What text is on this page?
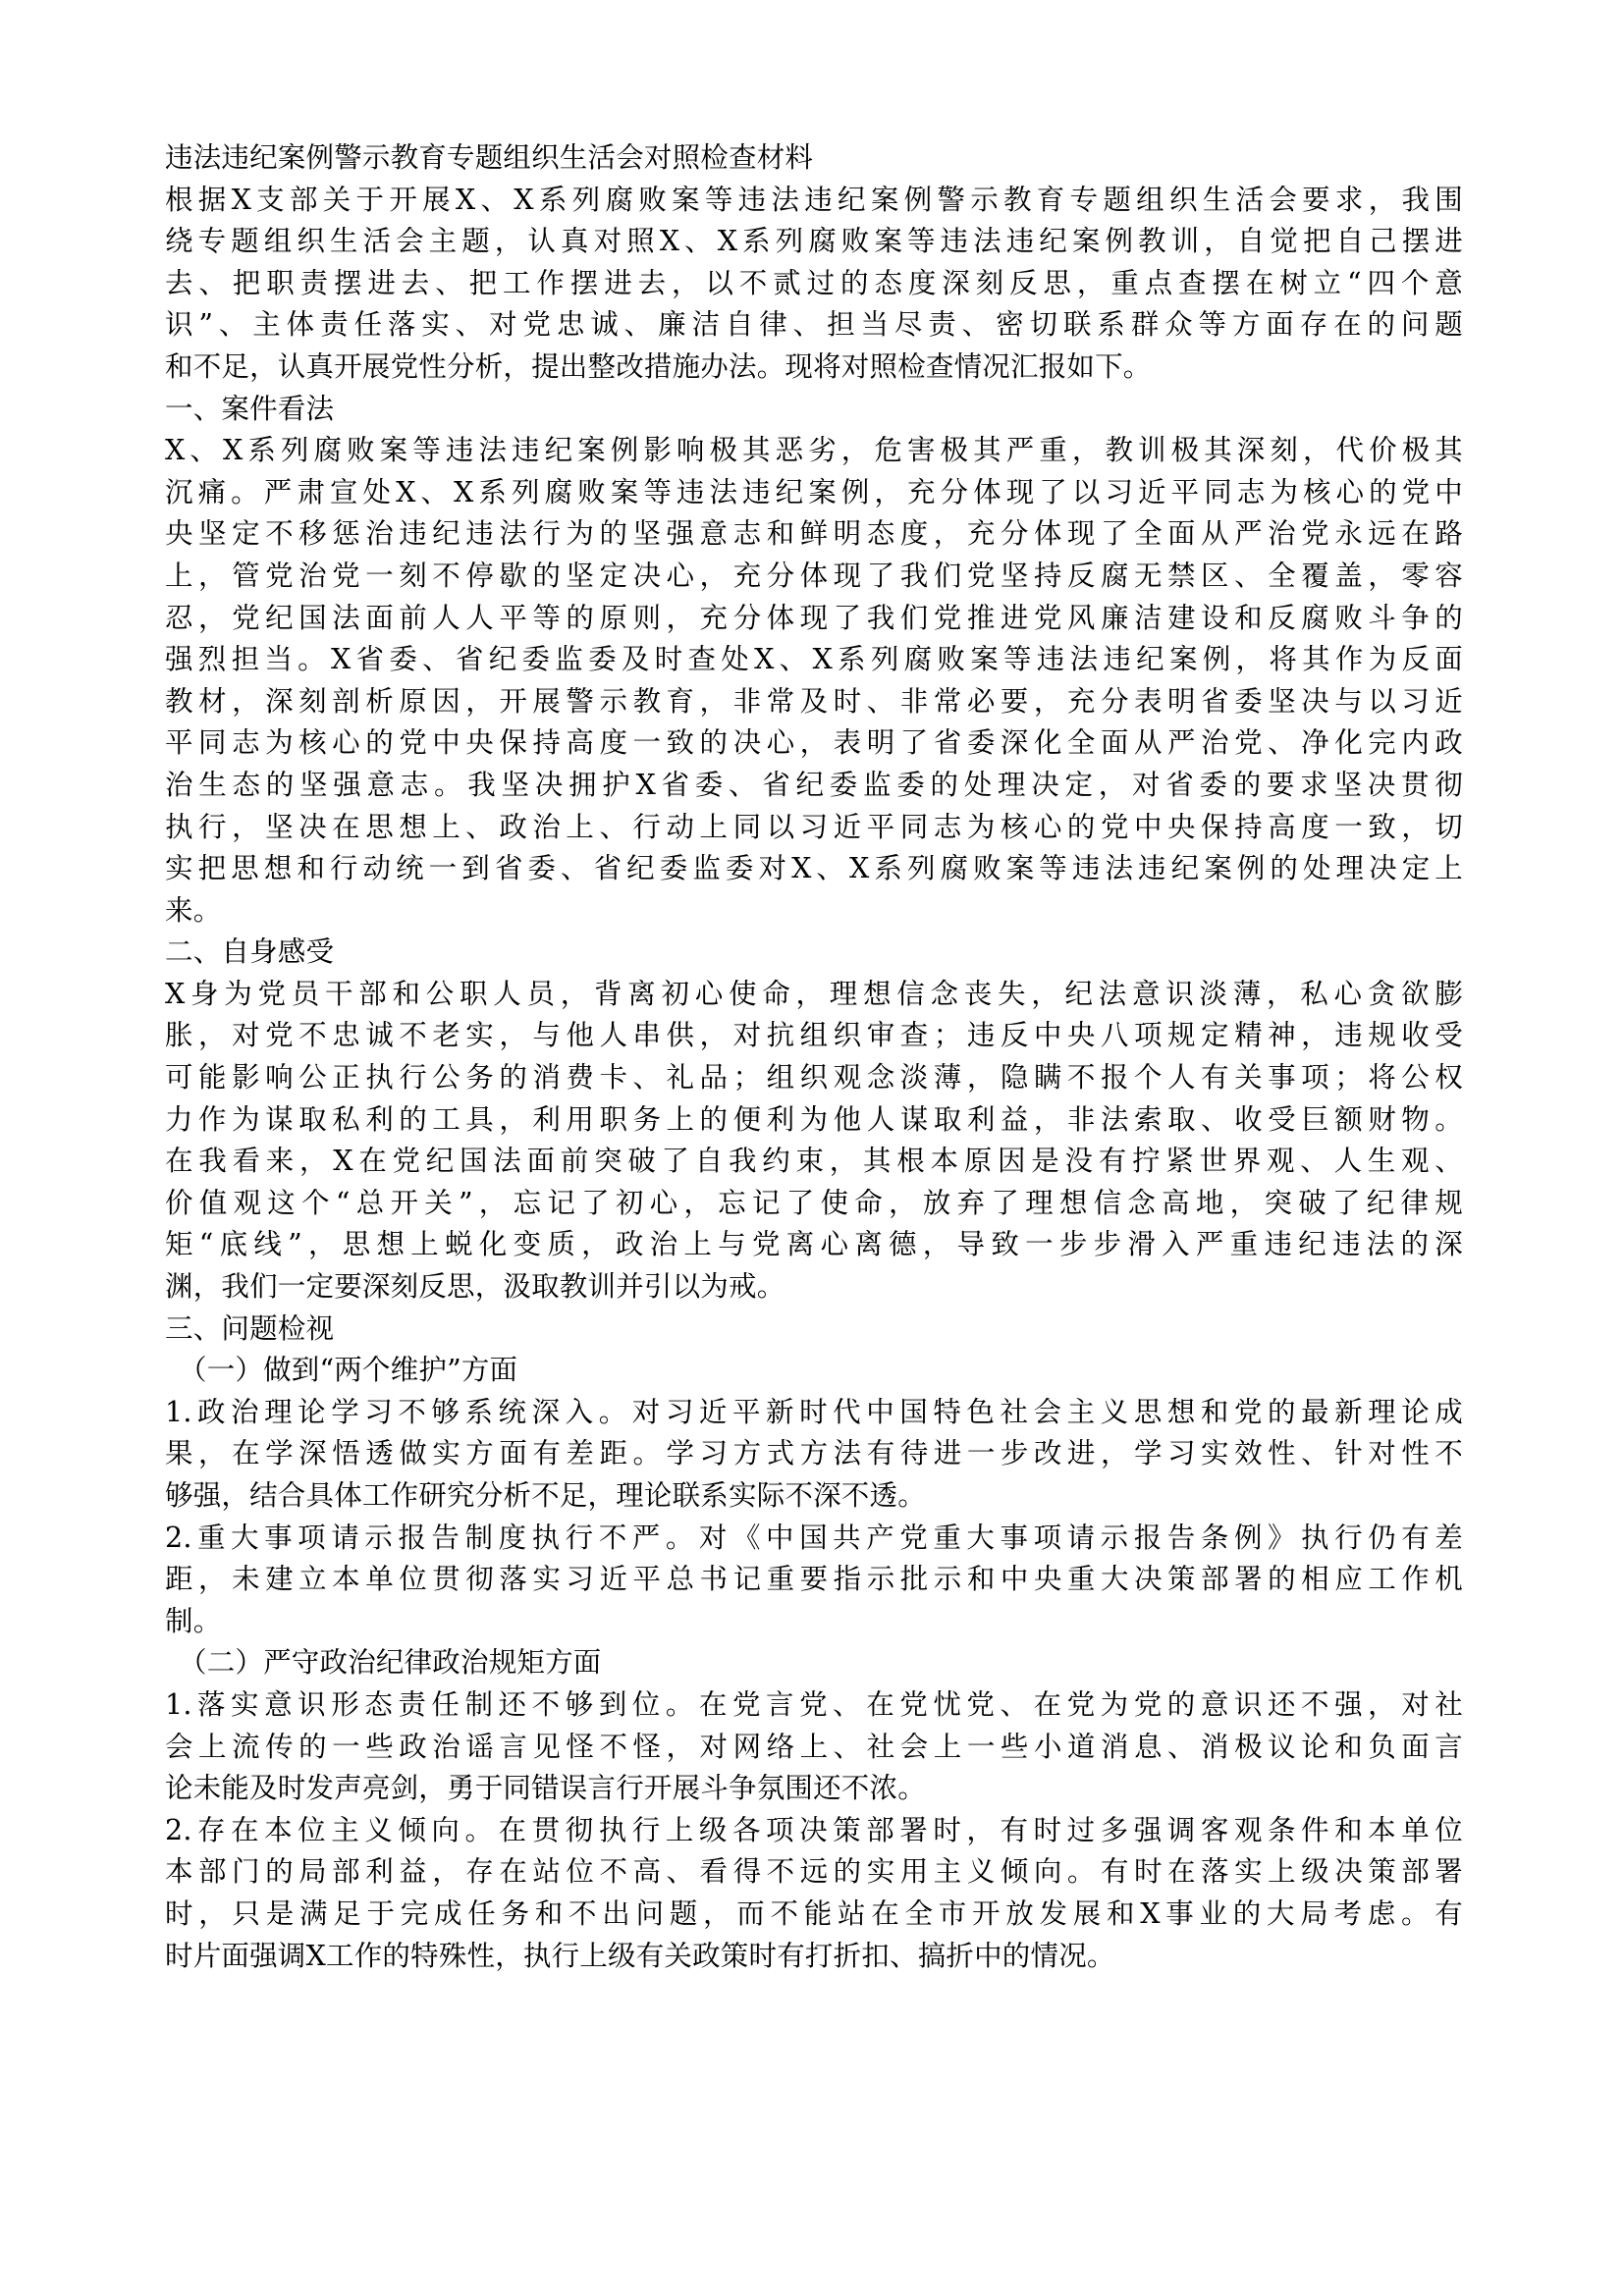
违法违纪案例警示教育专题组织生活会对照检查材料
根据X支部关于开展X、X系列腐败案等违法违纪案例警示教育专题组织生活会要求，我围
绕专题组织生活会主题，认真对照X、X系列腐败案等违法违纪案例教训，自觉把自己摆进
去、把职责摆进去、把工作摆进去，以不贰过的态度深刻反思，重点查摆在树立“四个意
识”、主体责任落实、对党忠诚、廉洁自律、担当尽责、密切联系群众等方面存在的问题
和不足，认真开展党性分析，提出整改措施办法。现将对照检查情况汇报如下。
一、案件看法
X、X系列腐败案等违法违纪案例影响极其恶劣，危害极其严重，教训极其深刻，代价极其
沉痛。严肃宣处X、X系列腐败案等违法违纪案例，充分体现了以习近平同志为核心的党中
央坚定不移惩治违纪违法行为的坚强意志和鲜明态度，充分体现了全面从严治党永远在路
上，管党治党一刻不停歇的坚定决心，充分体现了我们党坚持反腐无禁区、全覆盖，零容
忍，党纪国法面前人人平等的原则，充分体现了我们党推进党风廉洁建设和反腐败斗争的
强烈担当。X省委、省纪委监委及时查处X、X系列腐败案等违法违纪案例，将其作为反面
教材，深刻剖析原因，开展警示教育，非常及时、非常必要，充分表明省委坚决与以习近
平同志为核心的党中央保持高度一致的决心，表明了省委深化全面从严治党、净化完内政
治生态的坚强意志。我坚决拥护X省委、省纪委监委的处理决定，对省委的要求坚决贯彻
执行，坚决在思想上、政治上、行动上同以习近平同志为核心的党中央保持高度一致，切
实把思想和行动统一到省委、省纪委监委对X、X系列腐败案等违法违纪案例的处理决定上
来。
二、自身感受
X身为党员干部和公职人员，背离初心使命，理想信念丧失，纪法意识淡薄，私心贪欲膨
胀，对党不忠诚不老实，与他人串供，对抗组织审查；违反中央八项规定精神，违规收受
可能影响公正执行公务的消费卡、礼品；组织观念淡薄，隐瞒不报个人有关事项；将公权
力作为谋取私利的工具，利用职务上的便利为他人谋取利益，非法索取、收受巨额财物。
在我看来，X在党纪国法面前突破了自我约束，其根本原因是没有拧紧世界观、人生观、
价值观这个“总开关”，忘记了初心，忘记了使命，放弃了理想信念高地，突破了纪律规
矩“底线”，思想上蜕化变质，政治上与党离心离德，导致一步步滑入严重违纪违法的深
渊，我们一定要深刻反思，汲取教训并引以为戒。
三、问题检视
（一）做到“两个维护”方面
1.政治理论学习不够系统深入。对习近平新时代中国特色社会主义思想和党的最新理论成
果，在学深悟透做实方面有差距。学习方式方法有待进一步改进，学习实效性、针对性不
够强，结合具体工作研究分析不足，理论联系实际不深不透。
2.重大事项请示报告制度执行不严。对《中国共产党重大事项请示报告条例》执行仍有差
距，未建立本单位贯彻落实习近平总书记重要指示批示和中央重大决策部署的相应工作机
制。
（二）严守政治纪律政治规矩方面
1.落实意识形态责任制还不够到位。在党言党、在党忧党、在党为党的意识还不强，对社
会上流传的一些政治谣言见怪不怪，对网络上、社会上一些小道消息、消极议论和负面言
论未能及时发声亮剑，勇于同错误言行开展斗争氛围还不浓。
2.存在本位主义倾向。在贯彻执行上级各项决策部署时，有时过多强调客观条件和本单位
本部门的局部利益，存在站位不高、看得不远的实用主义倾向。有时在落实上级决策部署
时，只是满足于完成任务和不出问题，而不能站在全市开放发展和X事业的大局考虑。有
时片面强调X工作的特殊性，执行上级有关政策时有打折扣、搞折中的情况。
